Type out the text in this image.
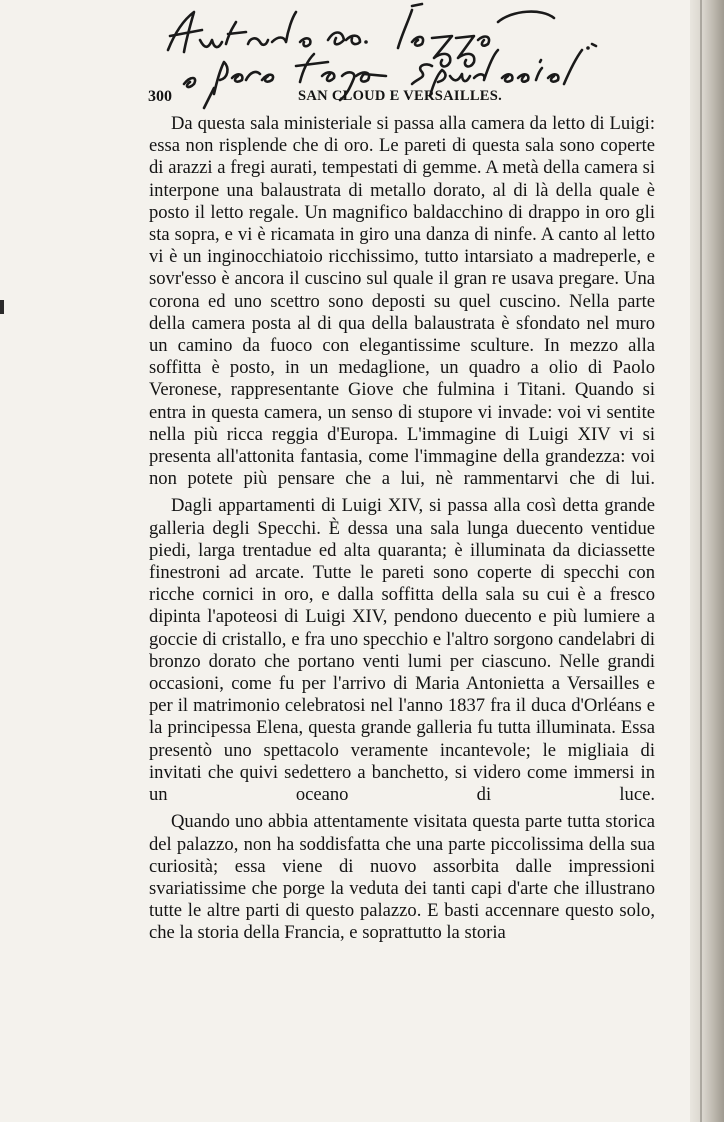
300	SAN CLOUD E VERSAILLES.

Da questa sala ministeriale si passa alla camera da letto di Luigi: essa non risplende che di oro. Le pareti di questa sala sono coperte di arazzi a fregi aurati, tempestati di gemme. A metà della camera si interpone una balaustrata di metallo dorato, al di là della quale è posto il letto regale. Un magnifico baldacchino di drappo in oro gli sta sopra, e vi è ricamata in giro una danza di ninfe. A canto al letto vi è un inginocchiatoio ricchissimo, tutto intarsiato a madreperle, e sovr'esso è ancora il cuscino sul quale il gran re usava pregare. Una corona ed uno scettro sono deposti su quel cuscino. Nella parte della camera posta al di qua della balaustrata è sfondato nel muro un camino da fuoco con elegantissime sculture. In mezzo alla soffitta è posto, in un medaglione, un quadro a olio di Paolo Veronese, rappresentante Giove che fulmina i Titani. Quando si entra in questa camera, un senso di stupore vi invade: voi vi sentite nella più ricca reggia d'Europa. L'immagine di Luigi XIV vi si presenta all'attonita fantasia, come l'immagine della grandezza: voi non potete più pensare che a lui, nè rammentarvi che di lui.

Dagli appartamenti di Luigi XIV, si passa alla così detta grande galleria degli Specchi. È dessa una sala lunga duecento ventidue piedi, larga trentadue ed alta quaranta; è illuminata da diciassette finestroni ad arcate. Tutte le pareti sono coperte di specchi con ricche cornici in oro, e dalla soffitta della sala su cui è a fresco dipinta l'apoteosi di Luigi XIV, pendono duecento e più lumiere a goccie di cristallo, e fra uno specchio e l'altro sorgono candelabri di bronzo dorato che portano venti lumi per ciascuno. Nelle grandi occasioni, come fu per l'arrivo di Maria Antonietta a Versailles e per il matrimonio celebratosi nel l'anno 1837 fra il duca d'Orléans e la principessa Elena, questa grande galleria fu tutta illuminata. Essa presentò uno spettacolo veramente incantevole; le migliaia di invitati che quivi sedettero a banchetto, si videro come immersi in un oceano di luce.

Quando uno abbia attentamente visitata questa parte tutta storica del palazzo, non ha soddisfatta che una parte piccolissima della sua curiosità; essa viene di nuovo assorbita dalle impressioni svariatissime che porge la veduta dei tanti capi d'arte che illustrano tutte le altre parti di questo palazzo. E basti accennare questo solo, che la storia della Francia, e soprattutto la storia
